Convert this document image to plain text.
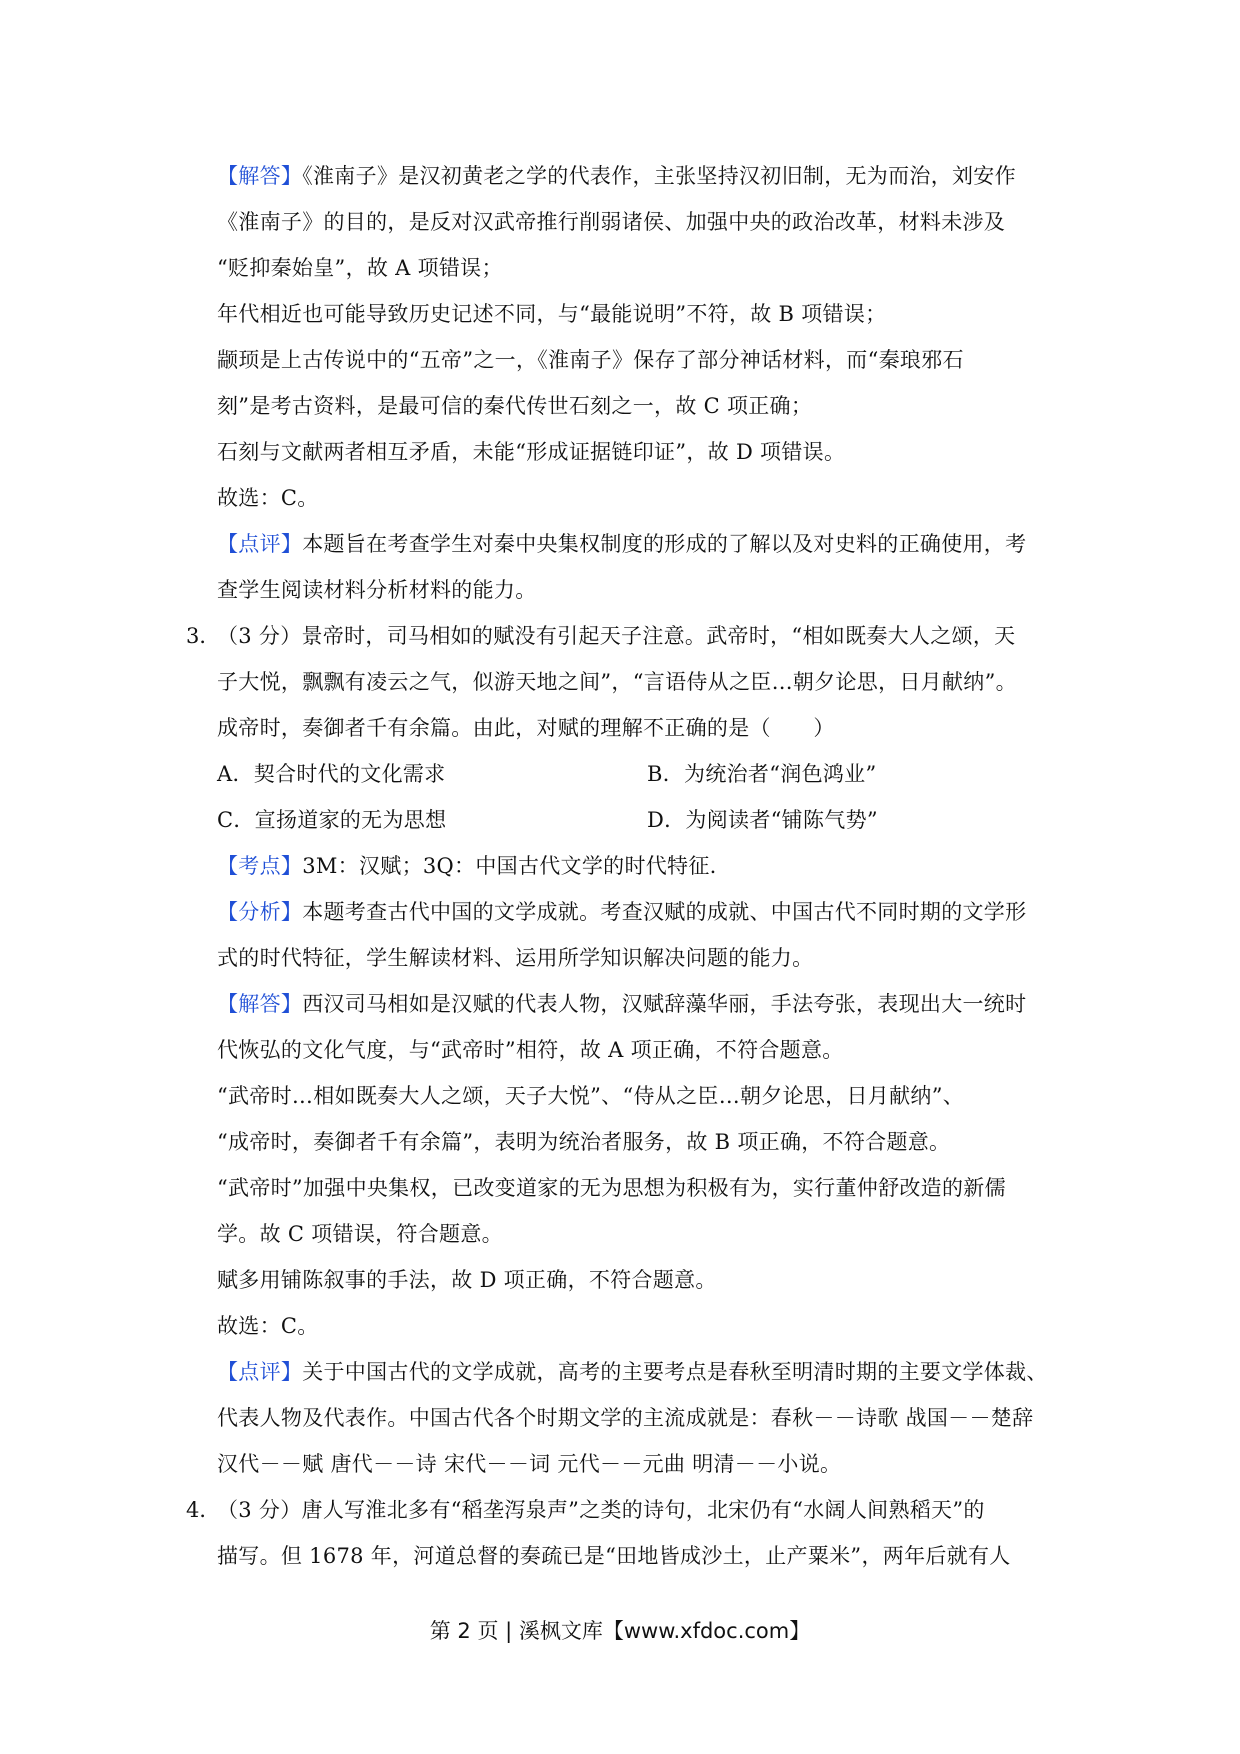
【解答】《淮南子》是汉初黄老之学的代表作，主张坚持汉初旧制，无为而治，刘安作
《淮南子》的目的，是反对汉武帝推行削弱诸侯、加强中央的政治改革，材料未涉及
“贬抑秦始皇”，故 A 项错误；
年代相近也可能导致历史记述不同，与“最能说明”不符，故 B 项错误；
颛顼是上古传说中的“五帝”之一，《淮南子》保存了部分神话材料，而“秦琅邪石
刻”是考古资料，是最可信的秦代传世石刻之一，故 C 项正确；
石刻与文献两者相互矛盾，未能“形成证据链印证”，故 D 项错误。
故选：C。
【点评】本题旨在考查学生对秦中央集权制度的形成的了解以及对史料的正确使用，考
查学生阅读材料分析材料的能力。
3．
（3 分）景帝时，司马相如的赋没有引起天子注意。武帝时，“相如既奏大人之颂，天
子大悦，飘飘有凌云之气，似游天地之间”，“言语侍从之臣…朝夕论思，日月献纳”。
成帝时，奏御者千有余篇。由此，对赋的理解不正确的是（　　）
A．契合时代的文化需求	B．为统治者“润色鸿业”
C．宣扬道家的无为思想	D．为阅读者“铺陈气势”
【考点】3M：汉赋；3Q：中国古代文学的时代特征.
【分析】本题考查古代中国的文学成就。考查汉赋的成就、中国古代不同时期的文学形
式的时代特征，学生解读材料、运用所学知识解决问题的能力。
【解答】西汉司马相如是汉赋的代表人物，汉赋辞藻华丽，手法夸张，表现出大一统时
代恢弘的文化气度，与“武帝时”相符，故 A 项正确，不符合题意。
“武帝时…相如既奏大人之颂，天子大悦”、“侍从之臣…朝夕论思，日月献纳”、
“成帝时，奏御者千有余篇”，表明为统治者服务，故 B 项正确，不符合题意。
“武帝时”加强中央集权，已改变道家的无为思想为积极有为，实行董仲舒改造的新儒
学。故 C 项错误，符合题意。
赋多用铺陈叙事的手法，故 D 项正确，不符合题意。
故选：C。
【点评】关于中国古代的文学成就，高考的主要考点是春秋至明清时期的主要文学体裁、
代表人物及代表作。中国古代各个时期文学的主流成就是：春秋－－诗歌 战国－－楚辞
汉代－－赋 唐代－－诗 宋代－－词 元代－－元曲 明清－－小说。
4．
（3 分）唐人写淮北多有“稻垄泻泉声”之类的诗句，北宋仍有“水阔人间熟稻天”的
描写。但 1678 年，河道总督的奏疏已是“田地皆成沙土，止产粟米”，两年后就有人
第 2 页 | 溪枫文库【www.xfdoc.com】
